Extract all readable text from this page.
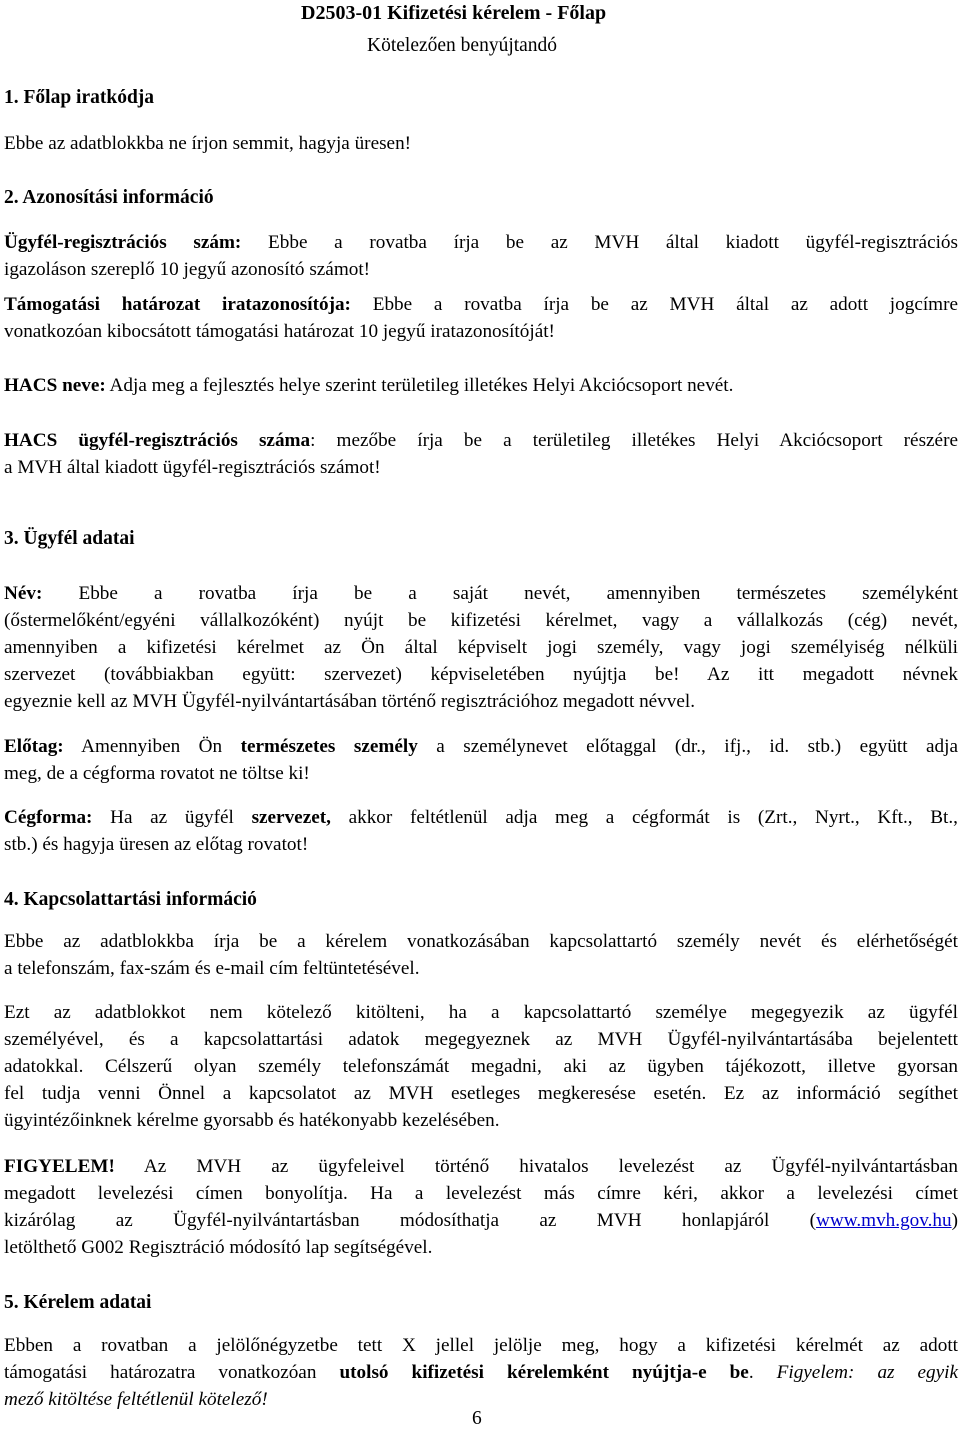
D2503-01 Kifizetési kérelem - Főlap
Kötelezően benyújtandó
1. Főlap iratkódja
Ebbe az adatblokkba ne írjon semmit, hagyja üresen!
2. Azonosítási információ
Ügyfél-regisztrációs szám: Ebbe a rovatba írja be az MVH által kiadott ügyfél-regisztrációs
igazoláson szereplő 10 jegyű azonosító számot!
Támogatási határozat iratazonosítója: Ebbe a rovatba írja be az MVH által az adott jogcímre
vonatkozóan kibocsátott támogatási határozat 10 jegyű iratazonosítóját!
HACS neve: Adja meg a fejlesztés helye szerint területileg illetékes Helyi Akciócsoport nevét.
HACS ügyfél-regisztrációs száma: mezőbe írja be a területileg illetékes Helyi Akciócsoport részére
a MVH által kiadott ügyfél-regisztrációs számot!
3. Ügyfél adatai
Név: Ebbe a rovatba írja be a saját nevét, amennyiben természetes személyként
(őstermelőként/egyéni vállalkozóként) nyújt be kifizetési kérelmet, vagy a vállalkozás (cég) nevét,
amennyiben a kifizetési kérelmet az Ön által képviselt jogi személy, vagy jogi személyiség nélküli
szervezet (továbbiakban együtt: szervezet) képviseletében nyújtja be! Az itt megadott névnek
egyeznie kell az MVH Ügyfél-nyilvántartásában történő regisztrációhoz megadott névvel.
Előtag: Amennyiben Ön természetes személy a személynevet előtaggal (dr., ifj., id. stb.) együtt adja
meg, de a cégforma rovatot ne töltse ki!
Cégforma: Ha az ügyfél szervezet, akkor feltétlenül adja meg a cégformát is (Zrt., Nyrt., Kft., Bt.,
stb.) és hagyja üresen az előtag rovatot!
4. Kapcsolattartási információ
Ebbe az adatblokkba írja be a kérelem vonatkozásában kapcsolattartó személy nevét és elérhetőségét
a telefonszám, fax-szám és e-mail cím feltüntetésével.
Ezt az adatblokkot nem kötelező kitölteni, ha a kapcsolattartó személye megegyezik az ügyfél
személyével, és a kapcsolattartási adatok megegyeznek az MVH Ügyfél-nyilvántartásába bejelentett
adatokkal. Célszerű olyan személy telefonszámát megadni, aki az ügyben tájékozott, illetve gyorsan
fel tudja venni Önnel a kapcsolatot az MVH esetleges megkeresése esetén. Ez az információ segíthet
ügyintézőinknek kérelme gyorsabb és hatékonyabb kezelésében.
FIGYELEM! Az MVH az ügyfeleivel történő hivatalos levelezést az Ügyfél-nyilvántartásban
megadott levelezési címen bonyolítja. Ha a levelezést más címre kéri, akkor a levelezési címet
kizárólag az Ügyfél-nyilvántartásban módosíthatja az MVH honlapjáról (www.mvh.gov.hu)
letölthető G002 Regisztráció módosító lap segítségével.
5. Kérelem adatai
Ebben a rovatban a jelölőnégyzetbe tett X jellel jelölje meg, hogy a kifizetési kérelmét az adott
támogatási határozatra vonatkozóan utolsó kifizetési kérelemként nyújtja-e be. Figyelem: az egyik
mező kitöltése feltétlenül kötelező!
6
